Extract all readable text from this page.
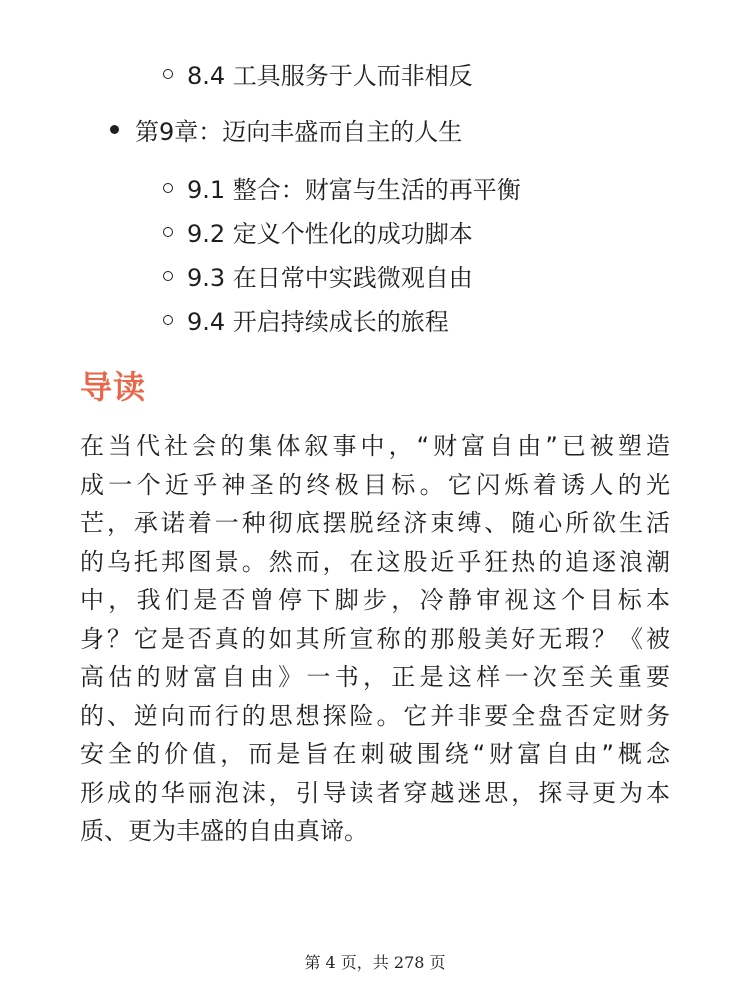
8.4 工具服务于人而非相反
第9章：迈向丰盛而自主的人生
9.1 整合：财富与生活的再平衡
9.2 定义个性化的成功脚本
9.3 在日常中实践微观自由
9.4 开启持续成长的旅程
导读
在当代社会的集体叙事中，“财富自由”已被塑造
成一个近乎神圣的终极目标。它闪烁着诱人的光
芒，承诺着一种彻底摆脱经济束缚、随心所欲生活
的乌托邦图景。然而，在这股近乎狂热的追逐浪潮
中，我们是否曾停下脚步，冷静审视这个目标本
身？它是否真的如其所宣称的那般美好无瑕？《被
高估的财富自由》一书，正是这样一次至关重要
的、逆向而行的思想探险。它并非要全盘否定财务
安全的价值，而是旨在刺破围绕“财富自由”概念
形成的华丽泡沫，引导读者穿越迷思，探寻更为本
质、更为丰盛的自由真谛。
第 4 页，共 278 页
